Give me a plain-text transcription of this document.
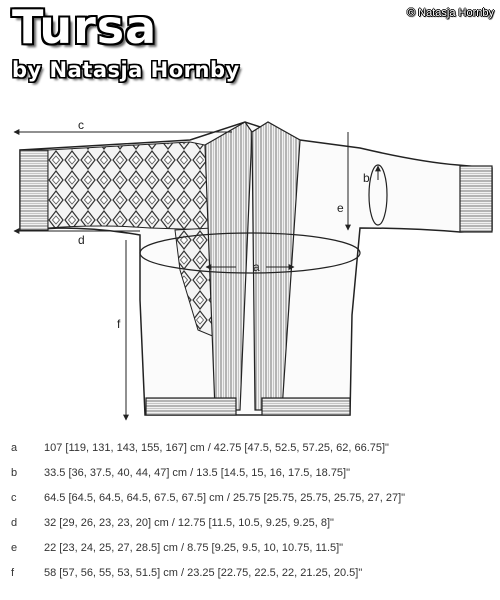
Tursa
by Natasja Hornby
© Natasja Hornby
a
b
c
d
e
f
a 107 [119, 131, 143, 155, 167] cm / 42.75 [47.5, 52.5, 57.25, 62, 66.75]"
b 33.5 [36, 37.5, 40, 44, 47] cm / 13.5 [14.5, 15, 16, 17.5, 18.75]"
c	64.5 [64.5, 64.5, 64.5, 67.5, 67.5] cm / 25.75 [25.75, 25.75, 25.75, 27, 27]"
d 32 [29, 26, 23, 23, 20] cm / 12.75 [11.5, 10.5, 9.25, 9.25, 8]"
e 22 [23, 24, 25, 27, 28.5] cm / 8.75 [9.25, 9.5, 10, 10.75, 11.5]"
f	58 [57, 56, 55, 53, 51.5] cm / 23.25 [22.75, 22.5, 22, 21.25, 20.5]"
